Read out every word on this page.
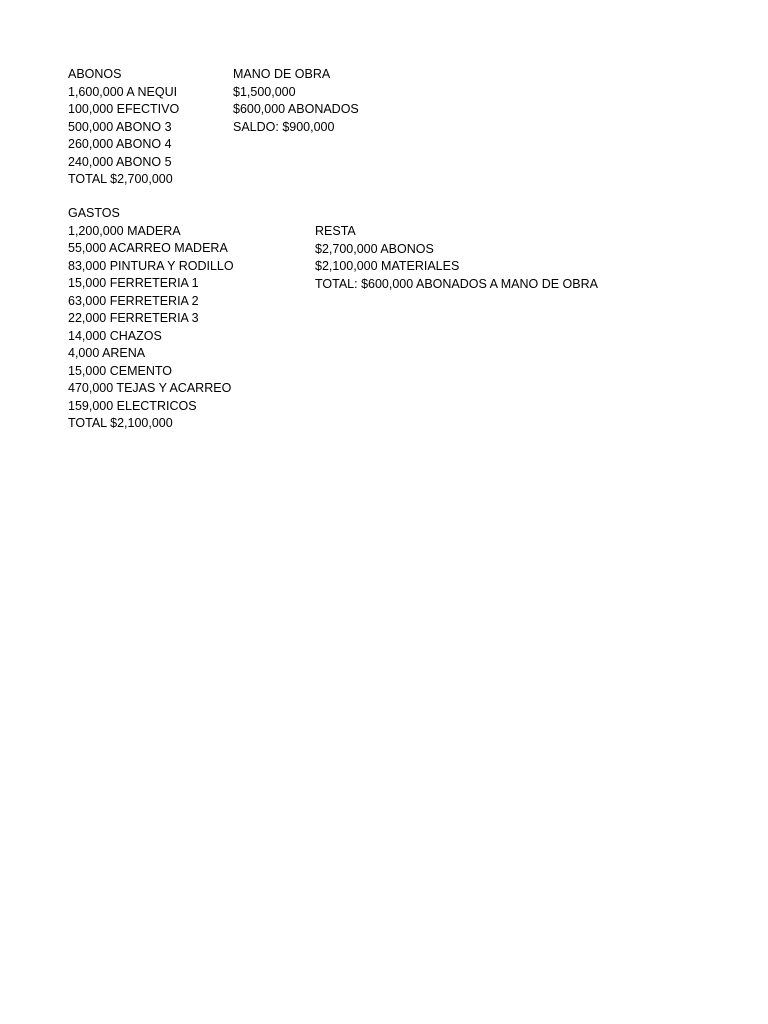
ABONOS
1,600,000 A NEQUI
100,000 EFECTIVO
500,000 ABONO 3
260,000 ABONO 4
240,000 ABONO 5
TOTAL $2,700,000
MANO DE OBRA
$1,500,000
$600,000 ABONADOS
SALDO: $900,000
GASTOS
1,200,000 MADERA
55,000 ACARREO MADERA
83,000 PINTURA Y RODILLO
15,000 FERRETERIA 1
63,000 FERRETERIA 2
22,000 FERRETERIA 3
14,000 CHAZOS
4,000 ARENA
15,000 CEMENTO
470,000 TEJAS Y ACARREO
159,000 ELECTRICOS
TOTAL $2,100,000
RESTA
$2,700,000 ABONOS
$2,100,000 MATERIALES
TOTAL: $600,000 ABONADOS A MANO DE OBRA
